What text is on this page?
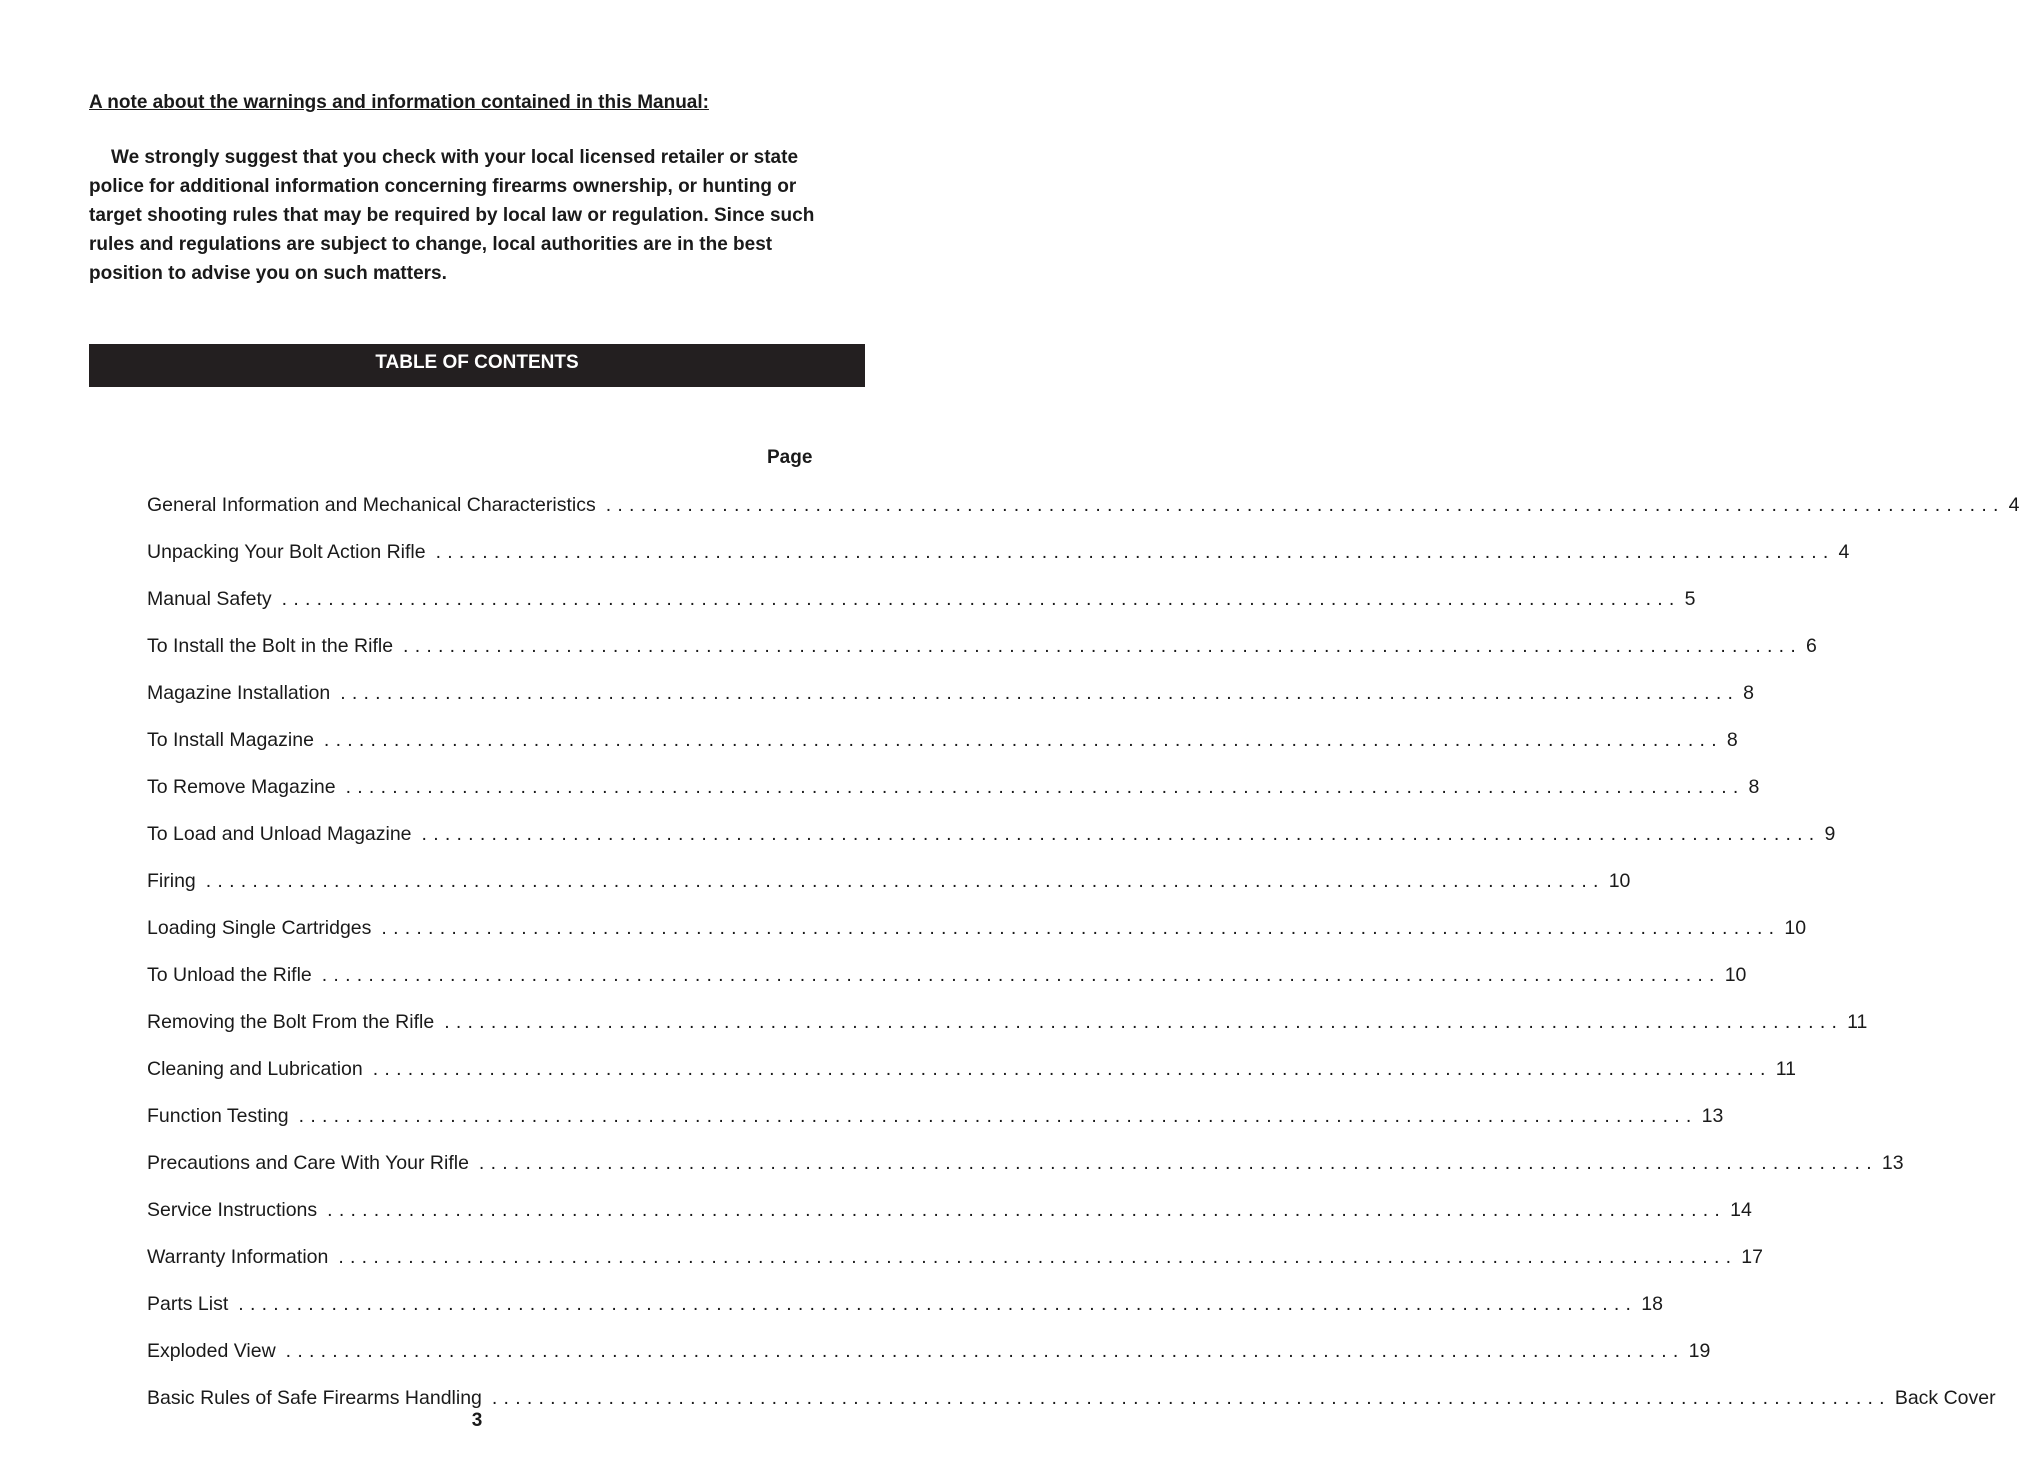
A note about the warnings and information contained in this Manual:
We strongly suggest that you check with your local licensed retailer or state
police for additional information concerning firearms ownership, or hunting or
target shooting rules that may be required by local law or regulation. Since such
rules and regulations are subject to change, local authorities are in the best
position to advise you on such matters.
TABLE OF CONTENTS
Page
General Information and Mechanical Characteristics ........................................................................................................................ 4
Unpacking Your Bolt Action Rifle ........................................................................................................................ 4
Manual Safety ........................................................................................................................ 5
To Install the Bolt in the Rifle ........................................................................................................................ 6
Magazine Installation ........................................................................................................................ 8
To Install Magazine ........................................................................................................................ 8
To Remove Magazine ........................................................................................................................ 8
To Load and Unload Magazine ........................................................................................................................ 9
Firing ........................................................................................................................ 10
Loading Single Cartridges ........................................................................................................................ 10
To Unload the Rifle ........................................................................................................................ 10
Removing the Bolt From the Rifle ........................................................................................................................ 11
Cleaning and Lubrication ........................................................................................................................ 11
Function Testing ........................................................................................................................ 13
Precautions and Care With Your Rifle ........................................................................................................................ 13
Service Instructions ........................................................................................................................ 14
Warranty Information ........................................................................................................................ 17
Parts List ........................................................................................................................ 18
Exploded View ........................................................................................................................ 19
Basic Rules of Safe Firearms Handling ........................................................................................................................ Back Cover
3
